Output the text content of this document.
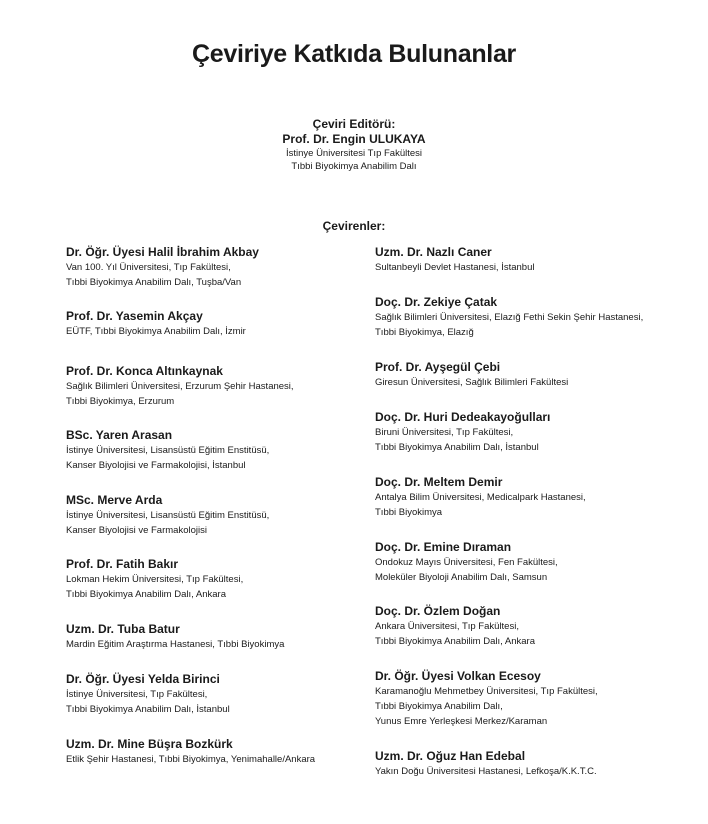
Çeviriye Katkıda Bulunanlar
Çeviri Editörü:
Prof. Dr. Engin ULUKAYA
İstinye Üniversitesi Tıp Fakültesi
Tıbbi Biyokimya Anabilim Dalı
Çevirenler:
Dr. Öğr. Üyesi Halil İbrahim Akbay
Van 100. Yıl Üniversitesi, Tıp Fakültesi,
Tıbbi Biyokimya Anabilim Dalı, Tuşba/Van
Prof. Dr. Yasemin Akçay
EÜTF, Tıbbi Biyokimya Anabilim Dalı, İzmir
Prof. Dr. Konca Altınkaynak
Sağlık Bilimleri Üniversitesi, Erzurum Şehir Hastanesi,
Tıbbi Biyokimya, Erzurum
BSc. Yaren Arasan
İstinye Üniversitesi, Lisansüstü Eğitim Enstitüsü,
Kanser Biyolojisi ve Farmakolojisi, İstanbul
MSc. Merve Arda
İstinye Üniversitesi, Lisansüstü Eğitim Enstitüsü,
Kanser Biyolojisi ve Farmakolojisi
Prof. Dr. Fatih Bakır
Lokman Hekim Üniversitesi, Tıp Fakültesi,
Tıbbi Biyokimya Anabilim Dalı, Ankara
Uzm. Dr. Tuba Batur
Mardin Eğitim Araştırma Hastanesi, Tıbbi Biyokimya
Dr. Öğr. Üyesi Yelda Birinci
İstinye Üniversitesi, Tıp Fakültesi,
Tıbbi Biyokimya Anabilim Dalı, İstanbul
Uzm. Dr. Mine Büşra Bozkürk
Etlik Şehir Hastanesi, Tıbbi Biyokimya, Yenimahalle/Ankara
Uzm. Dr. Nazlı Caner
Sultanbeyli Devlet Hastanesi, İstanbul
Doç. Dr. Zekiye Çatak
Sağlık Bilimleri Üniversitesi, Elazığ Fethi Sekin Şehir Hastanesi,
Tıbbi Biyokimya, Elazığ
Prof. Dr. Ayşegül Çebi
Giresun Üniversitesi, Sağlık Bilimleri Fakültesi
Doç. Dr. Huri Dedeakayoğulları
Biruni Üniversitesi, Tıp Fakültesi,
Tıbbi Biyokimya Anabilim Dalı, İstanbul
Doç. Dr. Meltem Demir
Antalya Bilim Üniversitesi, Medicalpark Hastanesi,
Tıbbi Biyokimya
Doç. Dr. Emine Dıraman
Ondokuz Mayıs Üniversitesi, Fen Fakültesi,
Moleküler Biyoloji Anabilim Dalı, Samsun
Doç. Dr. Özlem Doğan
Ankara Üniversitesi, Tıp Fakültesi,
Tıbbi Biyokimya Anabilim Dalı, Ankara
Dr. Öğr. Üyesi Volkan Ecesoy
Karamanoğlu Mehmetbey Üniversitesi, Tıp Fakültesi,
Tıbbi Biyokimya Anabilim Dalı,
Yunus Emre Yerleşkesi Merkez/Karaman
Uzm. Dr. Oğuz Han Edebal
Yakın Doğu Üniversitesi Hastanesi, Lefkoşa/K.K.T.C.
